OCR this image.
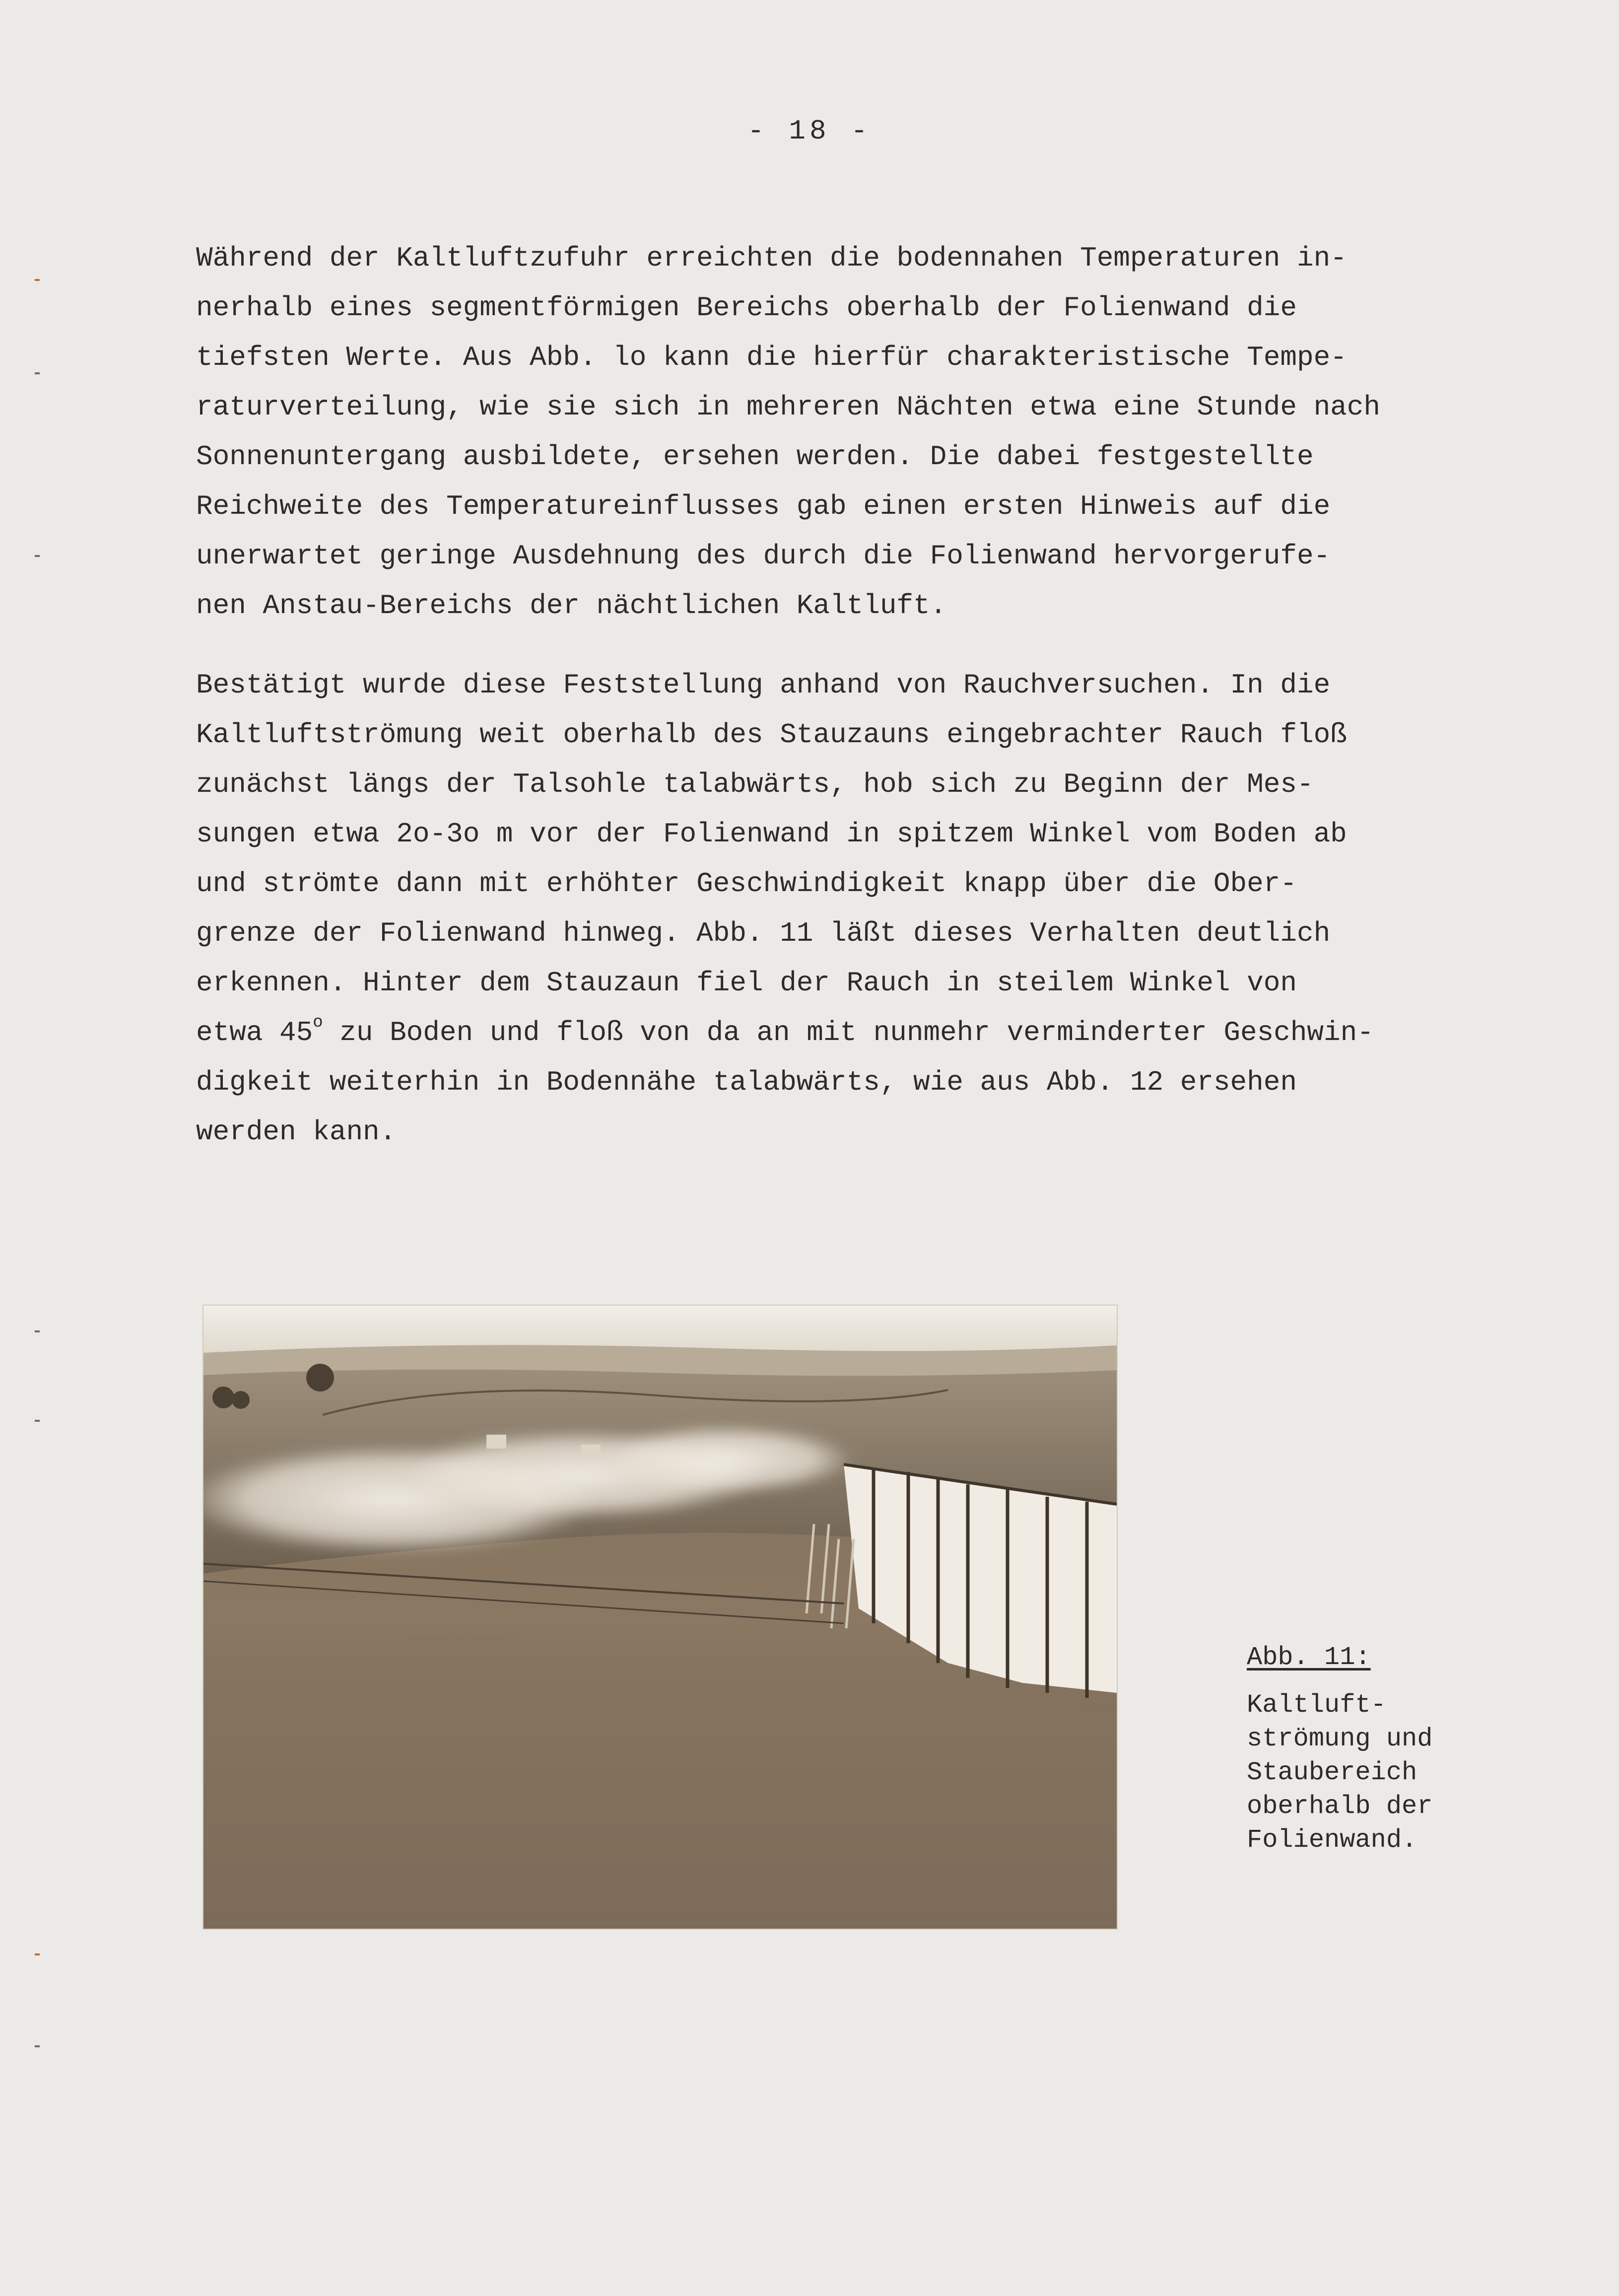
- 18 -

Während der Kaltluftzufuhr erreichten die bodennahen Temperaturen in-
nerhalb eines segmentförmigen Bereichs oberhalb der Folienwand die
tiefsten Werte. Aus Abb. lo kann die hierfür charakteristische Tempe-
raturverteilung, wie sie sich in mehreren Nächten etwa eine Stunde nach
Sonnenuntergang ausbildete, ersehen werden. Die dabei festgestellte
Reichweite des Temperatureinflusses gab einen ersten Hinweis auf die
unerwartet geringe Ausdehnung des durch die Folienwand hervorgerufe-
nen Anstau-Bereichs der nächtlichen Kaltluft.
Bestätigt wurde diese Feststellung anhand von Rauchversuchen. In die
Kaltluftströmung weit oberhalb des Stauzauns eingebrachter Rauch floß
zunächst längs der Talsohle talabwärts, hob sich zu Beginn der Mes-
sungen etwa 2o-3o m vor der Folienwand in spitzem Winkel vom Boden ab
und strömte dann mit erhöhter Geschwindigkeit knapp über die Ober-
grenze der Folienwand hinweg. Abb. 11 läßt dieses Verhalten deutlich
erkennen. Hinter dem Stauzaun fiel der Rauch in steilem Winkel von
etwa 45$^o$ zu Boden und floß von da an mit nunmehr verminderter Geschwin-
digkeit weiterhin in Bodennähe talabwärts, wie aus Abb. 12 ersehen
werden kann.
Abb. 11:
Kaltluft-
strömung und
Staubereich
oberhalb der
Folienwand.
